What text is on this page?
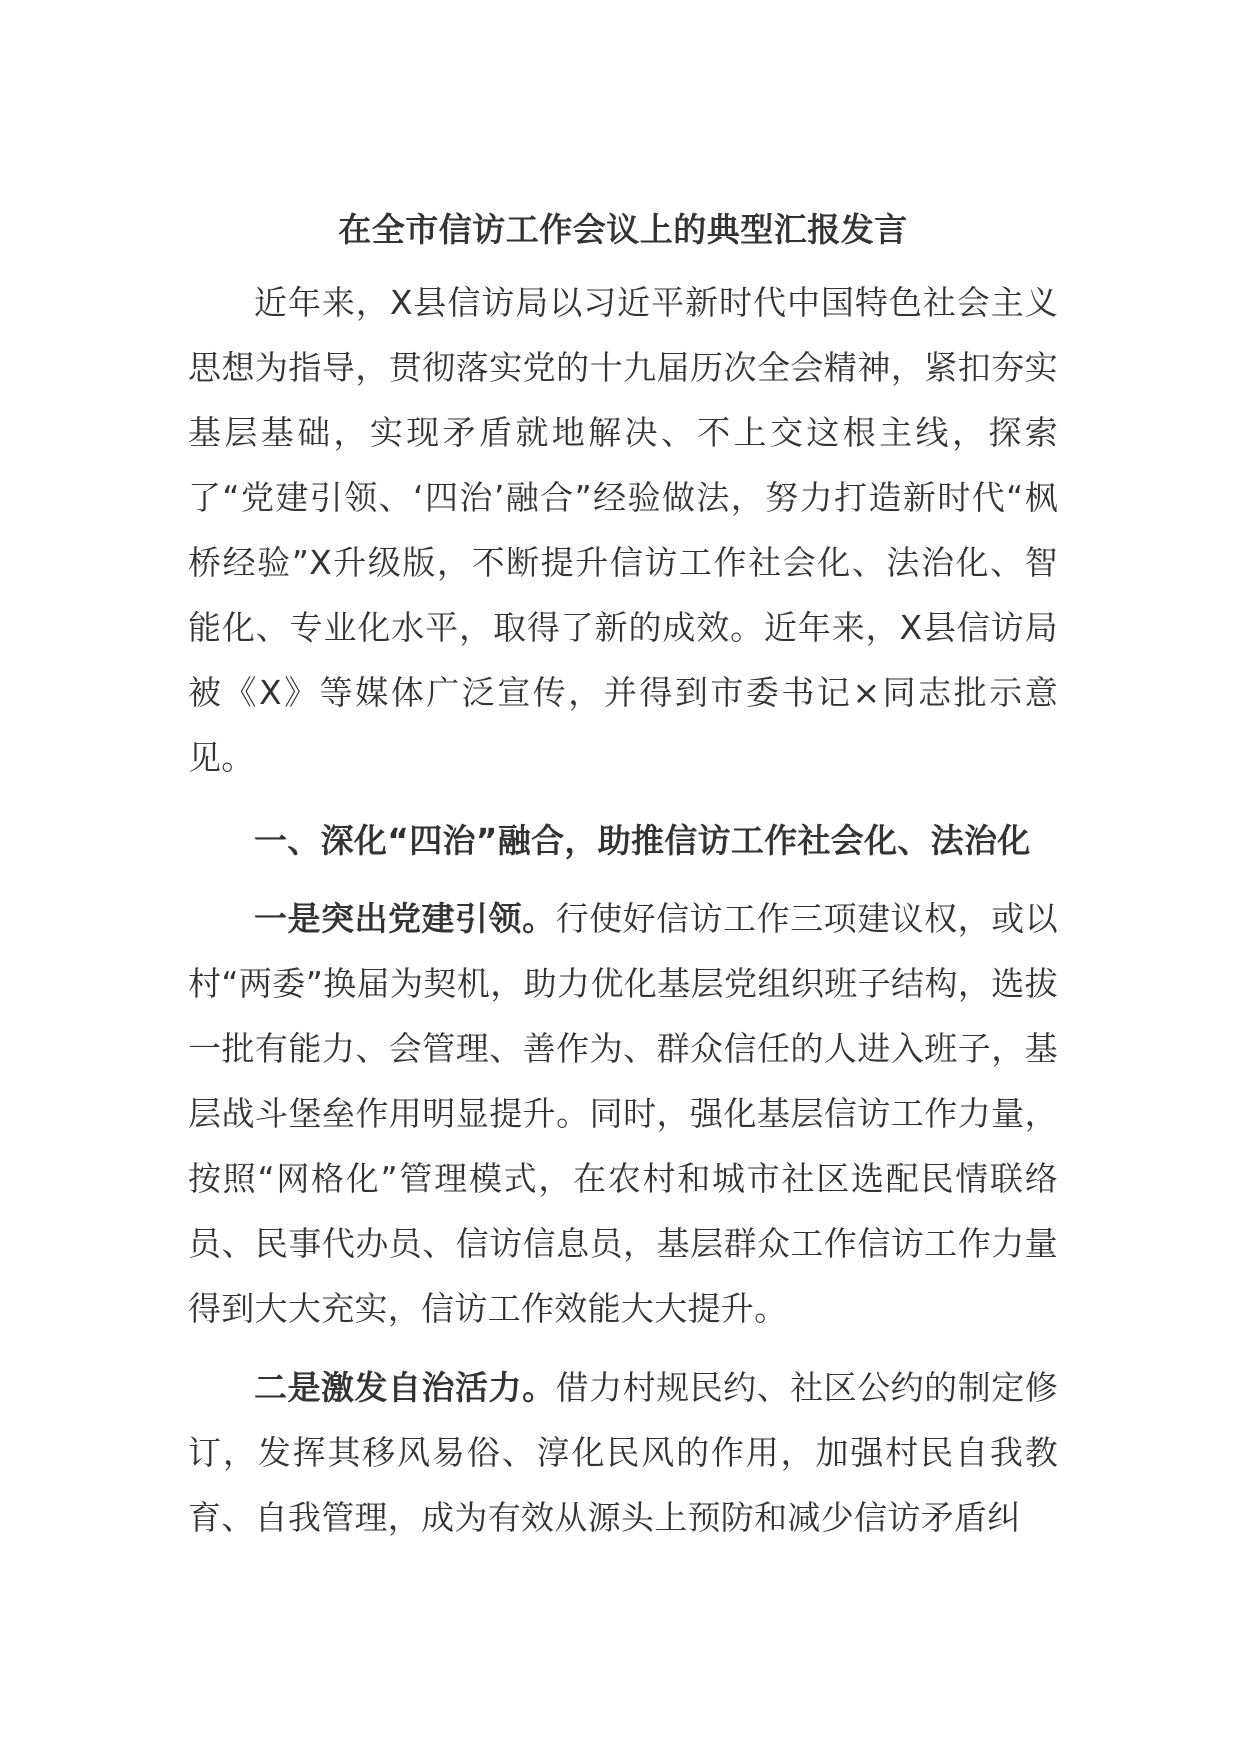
在全市信访工作会议上的典型汇报发言

近年来，X县信访局以习近平新时代中国特色社会主义思想为指导，贯彻落实党的十九届历次全会精神，紧扣夯实基层基础，实现矛盾就地解决、不上交这根主线，探索了“党建引领、‘四治’融合”经验做法，努力打造新时代“枫桥经验”X升级版，不断提升信访工作社会化、法治化、智能化、专业化水平，取得了新的成效。近年来，X县信访局被《X》等媒体广泛宣传，并得到市委书记×同志批示意见。

一、深化“四治”融合，助推信访工作社会化、法治化

一是突出党建引领。行使好信访工作三项建议权，或以村“两委”换届为契机，助力优化基层党组织班子结构，选拔一批有能力、会管理、善作为、群众信任的人进入班子，基层战斗堡垒作用明显提升。同时，强化基层信访工作力量，按照“网格化”管理模式，在农村和城市社区选配民情联络员、民事代办员、信访信息员，基层群众工作信访工作力量得到大大充实，信访工作效能大大提升。

二是激发自治活力。借力村规民约、社区公约的制定修订，发挥其移风易俗、淳化民风的作用，加强村民自我教育、自我管理，成为有效从源头上预防和减少信访矛盾纠
